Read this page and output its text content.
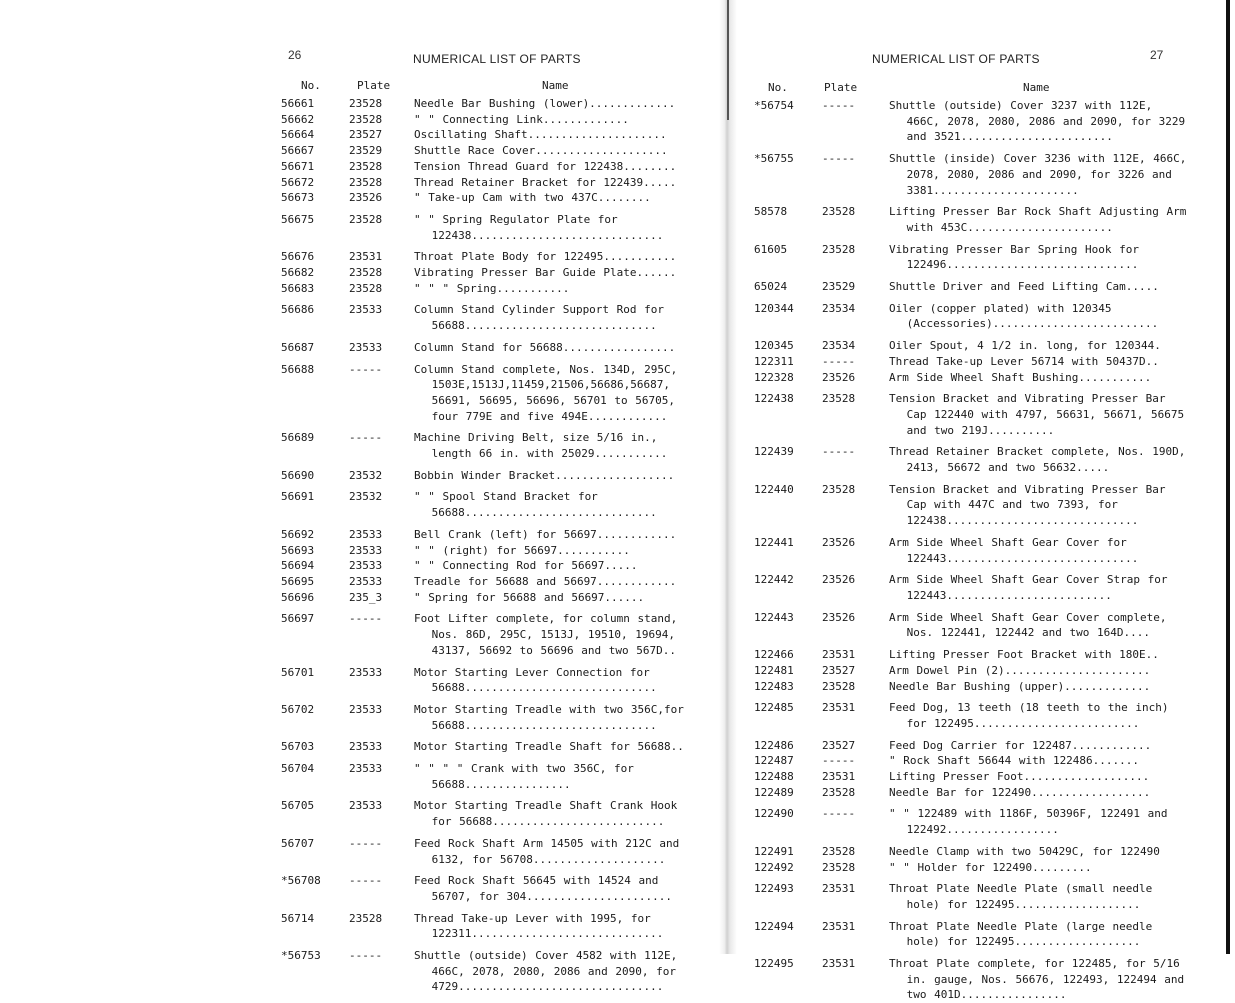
26	NUMERICAL LIST OF PARTS
No.	Plate	Name
56661	23528	Needle Bar Bushing (lower).............
56662	23528	" " Connecting Link.............
56664	23527	Oscillating Shaft.....................
56667	23529	Shuttle Race Cover....................
56671	23528	Tension Thread Guard for 122438........
56672	23528	Thread Retainer Bracket for 122439.....
56673	23526	" Take-up Cam with two 437C........
56675	23528	" " Spring Regulator Plate for 122438.............................
56676	23531	Throat Plate Body for 122495...........
56682	23528	Vibrating Presser Bar Guide Plate......
56683	23528	" " " Spring...........
56686	23533	Column Stand Cylinder Support Rod for 56688.............................
56687	23533	Column Stand for 56688.................
56688	-----	Column Stand complete, Nos. 134D, 295C, 1503E,1513J,11459,21506,56686,56687, 56691, 56695, 56696, 56701 to 56705, four 779E and five 494E............
56689	-----	Machine Driving Belt, size 5/16 in., length 66 in. with 25029...........
56690	23532	Bobbin Winder Bracket..................
56691	23532	" " Spool Stand Bracket for 56688.............................
56692	23533	Bell Crank (left) for 56697............
56693	23533	" " (right) for 56697...........
56694	23533	" " Connecting Rod for 56697.....
56695	23533	Treadle for 56688 and 56697............
56696	235_3	" Spring for 56688 and 56697......
56697	-----	Foot Lifter complete, for column stand, Nos. 86D, 295C, 1513J, 19510, 19694, 43137, 56692 to 56696 and two 567D..
56701	23533	Motor Starting Lever Connection for 56688.............................
56702	23533	Motor Starting Treadle with two 356C,for 56688.............................
56703	23533	Motor Starting Treadle Shaft for 56688..
56704	23533	" " " " Crank with two 356C, for 56688................
56705	23533	Motor Starting Treadle Shaft Crank Hook for 56688..........................
56707	-----	Feed Rock Shaft Arm 14505 with 212C and 6132, for 56708....................
*56708	-----	Feed Rock Shaft 56645 with 14524 and 56707, for 304......................
56714	23528	Thread Take-up Lever with 1995, for 122311.............................
*56753	-----	Shuttle (outside) Cover 4582 with 112E, 466C, 2078, 2080, 2086 and 2090, for 4729...............................
27
NUMERICAL LIST OF PARTS
No.	Plate	Name
*56754	-----	Shuttle (outside) Cover 3237 with 112E, 466C, 2078, 2080, 2086 and 2090, for 3229 and 3521.......................
*56755	-----	Shuttle (inside) Cover 3236 with 112E, 466C, 2078, 2080, 2086 and 2090, for 3226 and 3381......................
58578	23528	Lifting Presser Bar Rock Shaft Adjusting Arm with 453C......................
61605	23528	Vibrating Presser Bar Spring Hook for 122496.............................
65024	23529	Shuttle Driver and Feed Lifting Cam.....
120344	23534	Oiler (copper plated) with 120345 (Accessories).........................
120345	23534	Oiler Spout, 4 1/2 in. long, for 120344.
122311	-----	Thread Take-up Lever 56714 with 50437D..
122328	23526	Arm Side Wheel Shaft Bushing...........
122438	23528	Tension Bracket and Vibrating Presser Bar Cap 122440 with 4797, 56631, 56671, 56675 and two 219J..........
122439	-----	Thread Retainer Bracket complete, Nos. 190D, 2413, 56672 and two 56632.....
122440	23528	Tension Bracket and Vibrating Presser Bar Cap with 447C and two 7393, for 122438.............................
122441	23526	Arm Side Wheel Shaft Gear Cover for 122443.............................
122442	23526	Arm Side Wheel Shaft Gear Cover Strap for 122443.........................
122443	23526	Arm Side Wheel Shaft Gear Cover complete, Nos. 122441, 122442 and two 164D....
122466	23531	Lifting Presser Foot Bracket with 180E..
122481	23527	Arm Dowel Pin (2)......................
122483	23528	Needle Bar Bushing (upper).............
122485	23531	Feed Dog, 13 teeth (18 teeth to the inch) for 122495.........................
122486	23527	Feed Dog Carrier for 122487............
122487	-----	" Rock Shaft 56644 with 122486.......
122488	23531	Lifting Presser Foot...................
122489	23528	Needle Bar for 122490..................
122490	-----	" " 122489 with 1186F, 50396F, 122491 and 122492.................
122491	23528	Needle Clamp with two 50429C, for 122490
122492	23528	" " Holder for 122490.........
122493	23531	Throat Plate Needle Plate (small needle hole) for 122495...................
122494	23531	Throat Plate Needle Plate (large needle hole) for 122495...................
122495	23531	Throat Plate complete, for 122485, for 5/16 in. gauge, Nos. 56676, 122493, 122494 and two 401D................
